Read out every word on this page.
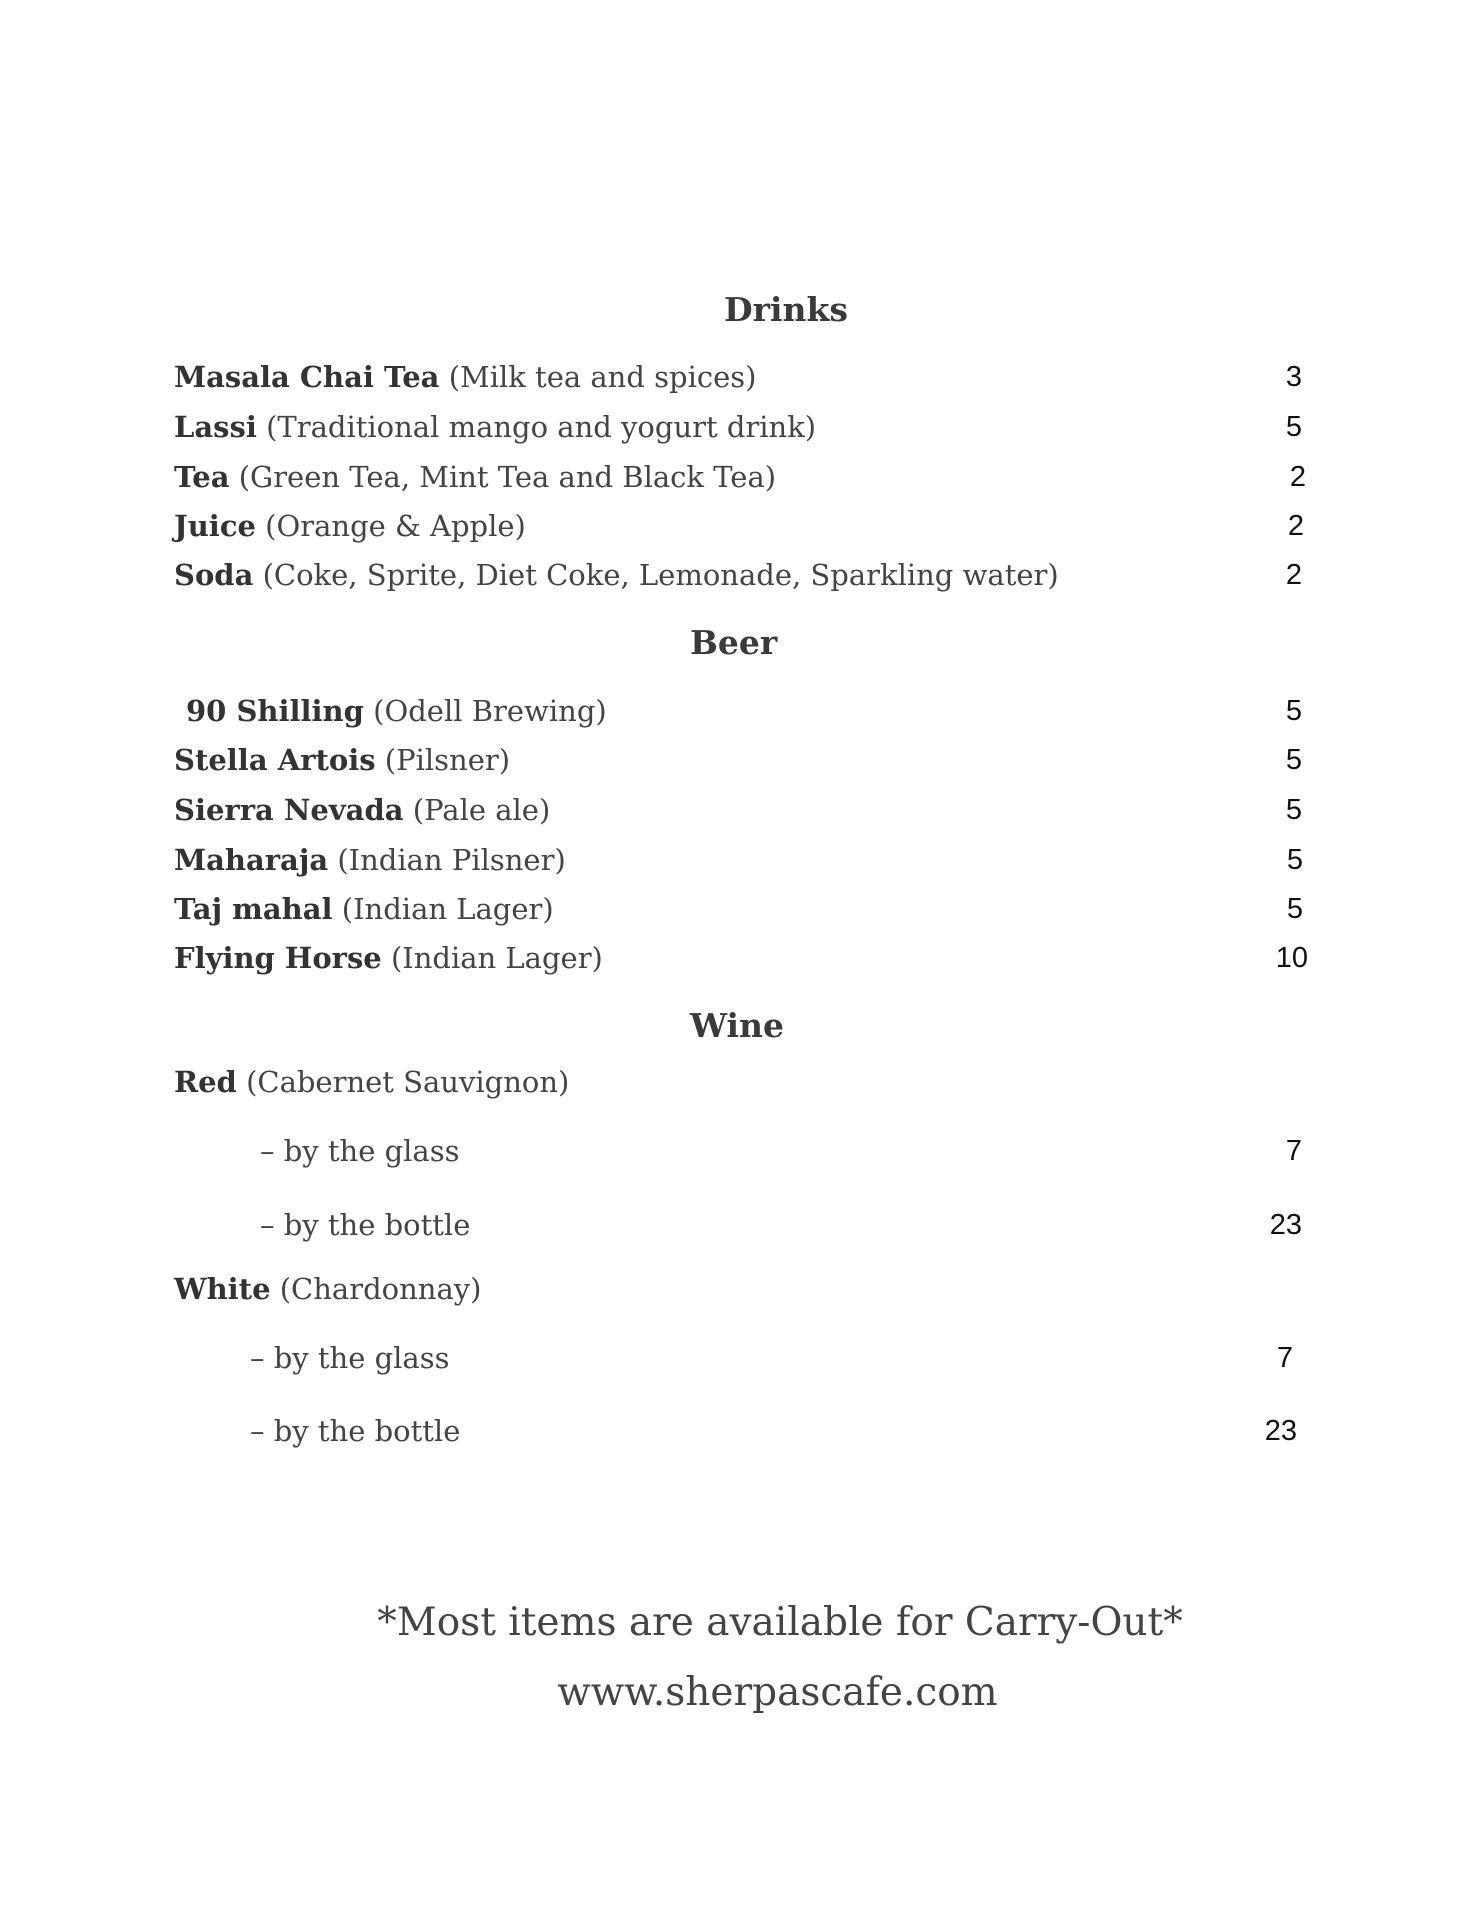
Drinks
Masala Chai Tea (Milk tea and spices)	3
Lassi (Traditional mango and yogurt drink)	5
Tea (Green Tea, Mint Tea and Black Tea)	2
Juice (Orange & Apple)	2
Soda (Coke, Sprite, Diet Coke, Lemonade, Sparkling water)	2
Beer
90 Shilling (Odell Brewing)	5
Stella Artois (Pilsner)	5
Sierra Nevada (Pale ale)	5
Maharaja (Indian Pilsner)	5
Taj mahal (Indian Lager)	5
Flying Horse (Indian Lager)	10
Wine
Red (Cabernet Sauvignon)
– by the glass	7
– by the bottle	23
White (Chardonnay)
– by the glass	7
– by the bottle	23
*Most items are available for Carry-Out*
www.sherpascafe.com
